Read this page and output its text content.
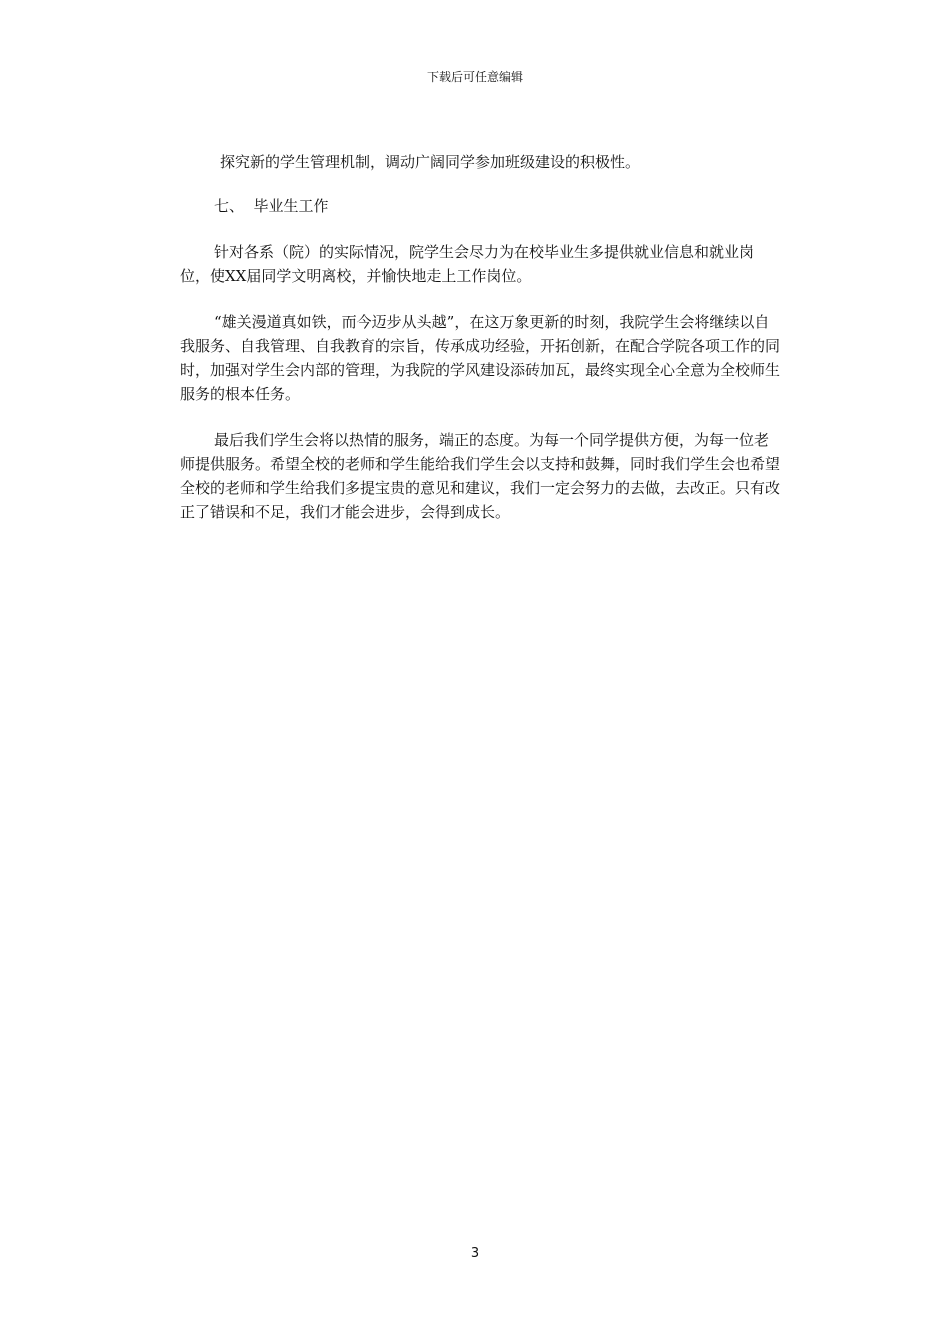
下载后可任意编辑

探究新的学生管理机制，调动广阔同学参加班级建设的积极性。

七、  毕业生工作

针对各系（院）的实际情况，院学生会尽力为在校毕业生多提供就业信息和就业岗位，使XX届同学文明离校，并愉快地走上工作岗位。

“雄关漫道真如铁，而今迈步从头越”，在这万象更新的时刻，我院学生会将继续以自我服务、自我管理、自我教育的宗旨，传承成功经验，开拓创新，在配合学院各项工作的同时，加强对学生会内部的管理，为我院的学风建设添砖加瓦，最终实现全心全意为全校师生服务的根本任务。

最后我们学生会将以热情的服务，端正的态度。为每一个同学提供方便，为每一位老师提供服务。希望全校的老师和学生能给我们学生会以支持和鼓舞，同时我们学生会也希望全校的老师和学生给我们多提宝贵的意见和建议，我们一定会努力的去做，去改正。只有改正了错误和不足，我们才能会进步，会得到成长。

3
